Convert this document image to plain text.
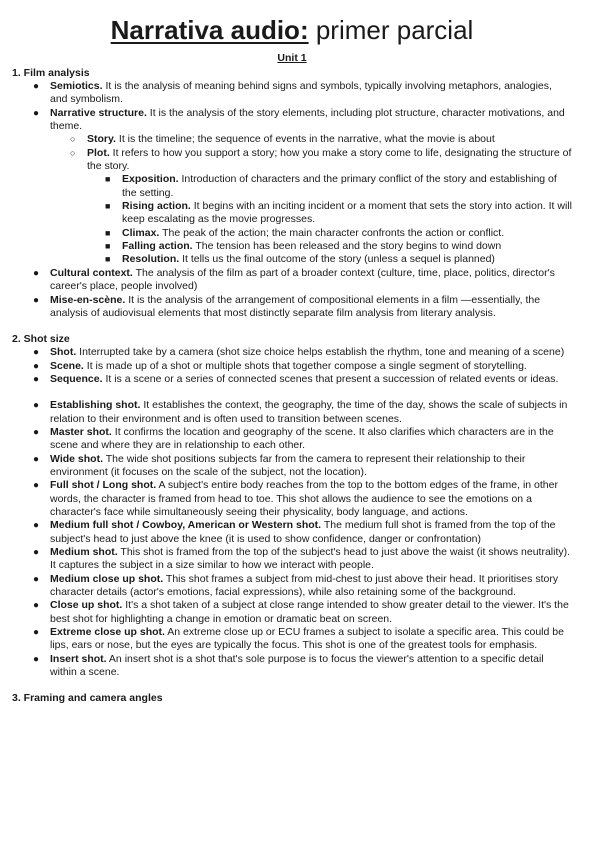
Narrativa audio: primer parcial
Unit 1
1. Film analysis
● Semiotics. It is the analysis of meaning behind signs and symbols, typically involving metaphors, analogies, and symbolism.
● Narrative structure. It is the analysis of the story elements, including plot structure, character motivations, and theme.
○ Story. It is the timeline; the sequence of events in the narrative, what the movie is about
○ Plot. It refers to how you support a story; how you make a story come to life, designating the structure of the story.
■ Exposition. Introduction of characters and the primary conflict of the story and establishing of the setting.
■ Rising action. It begins with an inciting incident or a moment that sets the story into action. It will keep escalating as the movie progresses.
■ Climax. The peak of the action; the main character confronts the action or conflict.
■ Falling action. The tension has been released and the story begins to wind down
■ Resolution. It tells us the final outcome of the story (unless a sequel is planned)
● Cultural context. The analysis of the film as part of a broader context (culture, time, place, politics, director's career's place, people involved)
● Mise-en-scène. It is the analysis of the arrangement of compositional elements in a film —essentially, the analysis of audiovisual elements that most distinctly separate film analysis from literary analysis.
2. Shot size
● Shot. Interrupted take by a camera (shot size choice helps establish the rhythm, tone and meaning of a scene)
● Scene. It is made up of a shot or multiple shots that together compose a single segment of storytelling.
● Sequence. It is a scene or a series of connected scenes that present a succession of related events or ideas.
● Establishing shot. It establishes the context, the geography, the time of the day, shows the scale of subjects in relation to their environment and is often used to transition between scenes.
● Master shot. It confirms the location and geography of the scene. It also clarifies which characters are in the scene and where they are in relationship to each other.
● Wide shot. The wide shot positions subjects far from the camera to represent their relationship to their environment (it focuses on the scale of the subject, not the location).
● Full shot / Long shot. A subject's entire body reaches from the top to the bottom edges of the frame, in other words, the character is framed from head to toe. This shot allows the audience to see the emotions on a character's face while simultaneously seeing their physicality, body language, and actions.
● Medium full shot / Cowboy, American or Western shot. The medium full shot is framed from the top of the subject's head to just above the knee (it is used to show confidence, danger or confrontation)
● Medium shot. This shot is framed from the top of the subject's head to just above the waist (it shows neutrality). It captures the subject in a size similar to how we interact with people.
● Medium close up shot. This shot frames a subject from mid-chest to just above their head. It prioritises story character details (actor's emotions, facial expressions), while also retaining some of the background.
● Close up shot. It's a shot taken of a subject at close range intended to show greater detail to the viewer. It's the best shot for highlighting a change in emotion or dramatic beat on screen.
● Extreme close up shot. An extreme close up or ECU frames a subject to isolate a specific area. This could be lips, ears or nose, but the eyes are typically the focus. This shot is one of the greatest tools for emphasis.
● Insert shot. An insert shot is a shot that's sole purpose is to focus the viewer's attention to a specific detail within a scene.
3. Framing and camera angles
